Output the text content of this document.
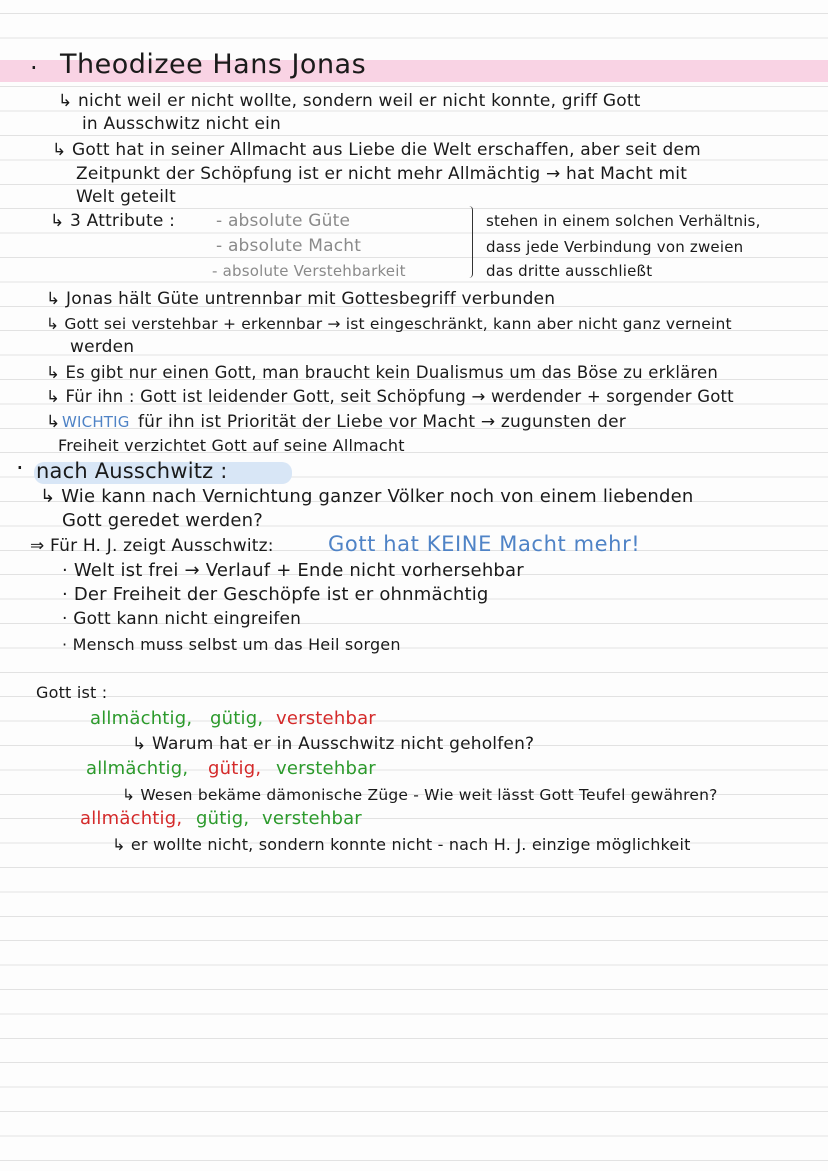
· Theodizee Hans Jonas
↳ nicht weil er nicht wollte, sondern weil er nicht konnte, griff Gott
in Ausschwitz nicht ein
↳ Gott hat in seiner Allmacht aus Liebe die Welt erschaffen, aber seit dem
Zeitpunkt der Schöpfung ist er nicht mehr Allmächtig → hat Macht mit
Welt geteilt
↳ 3 Attribute : - absolute Güte
- absolute Macht
- absolute Verstehbarkeit
stehen in einem solchen Verhältnis,
dass jede Verbindung von zweien
das dritte ausschließt
↳ Jonas hält Güte untrennbar mit Gottesbegriff verbunden
↳ Gott sei verstehbar + erkennbar → ist eingeschränkt, kann aber nicht ganz verneint
werden
↳ Es gibt nur einen Gott, man braucht kein Dualismus um das Böse zu erklären
↳ Für ihn : Gott ist leidender Gott, seit Schöpfung → werdender + sorgender Gott
↳ WICHTIG für ihn ist Priorität der Liebe vor Macht → zugunsten der
Freiheit verzichtet Gott auf seine Allmacht
· nach Ausschwitz :
↳ Wie kann nach Vernichtung ganzer Völker noch von einem liebenden
Gott geredet werden?
⇒ Für H. J. zeigt Ausschwitz:	Gott hat KEINE Macht mehr!
· Welt ist frei → Verlauf + Ende nicht vorhersehbar
· Der Freiheit der Geschöpfe ist er ohnmächtig
· Gott kann nicht eingreifen
· Mensch muss selbst um das Heil sorgen
Gott ist :
allmächtig, gütig, verstehbar
↳ Warum hat er in Ausschwitz nicht geholfen?
allmächtig, gütig, verstehbar
↳ Wesen bekäme dämonische Züge - Wie weit lässt Gott Teufel gewähren?
allmächtig, gütig, verstehbar
↳ er wollte nicht, sondern konnte nicht - nach H. J. einzige möglichkeit
